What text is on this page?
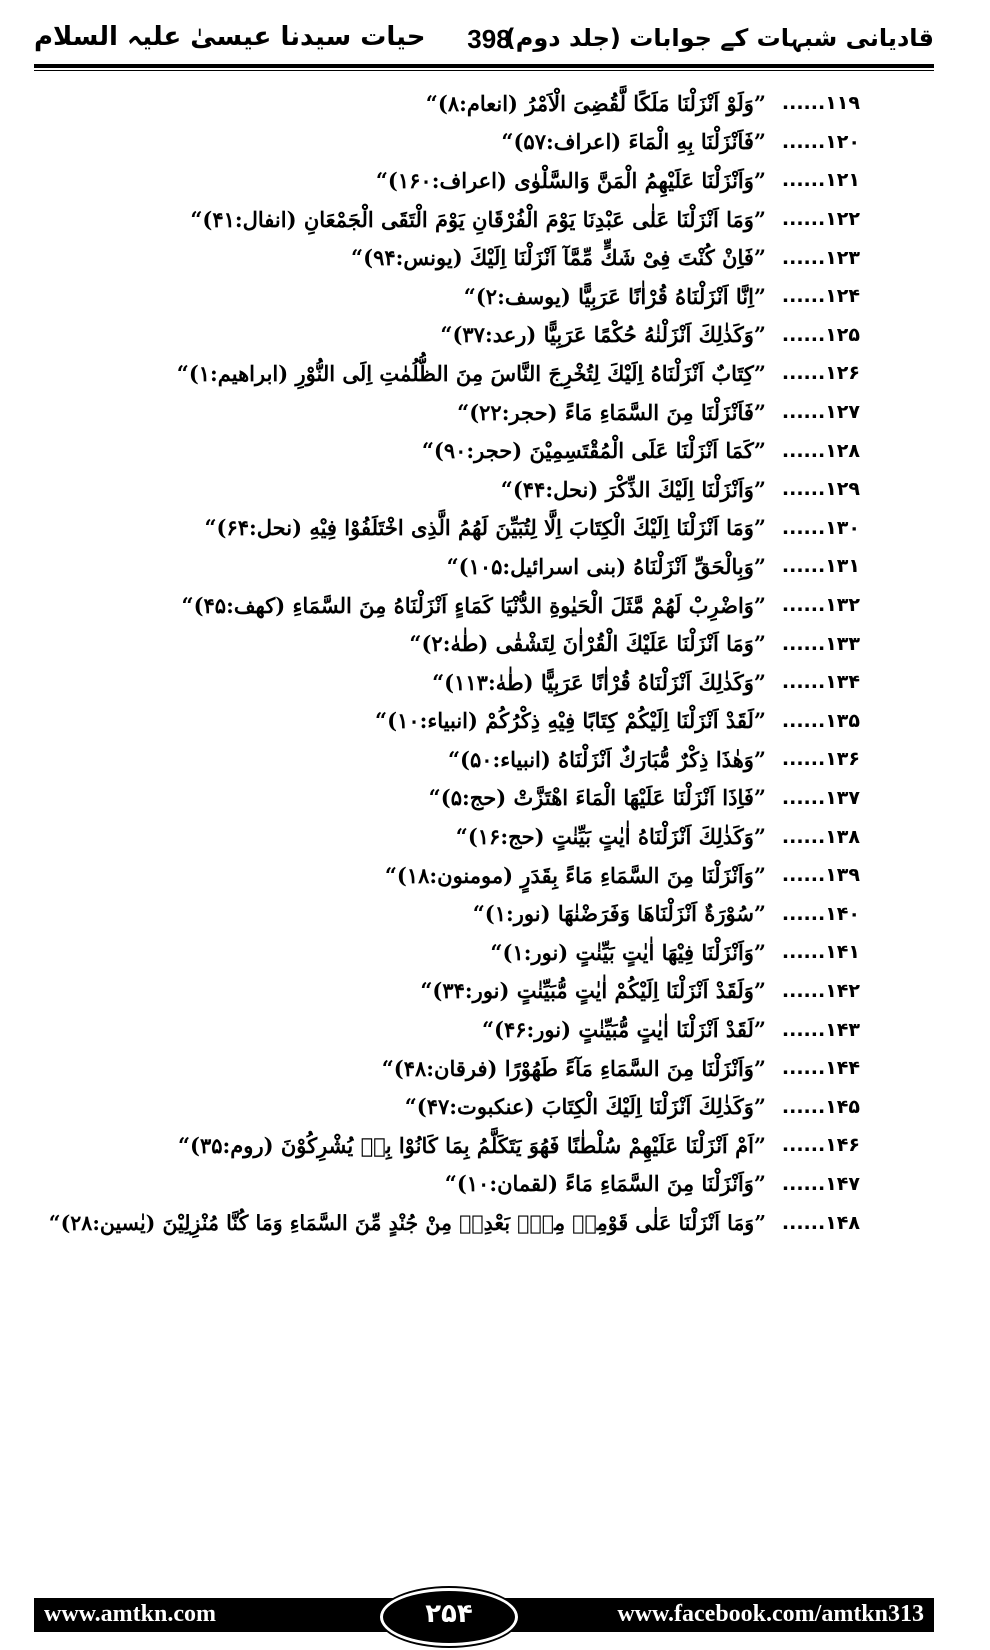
قادیانی شبہات کے جوابات (جلد دوم)
398
حیات سیدنا عیسیٰ علیہ السلام
۱۱۹......
”وَلَوْ اَنْزَلْنَا مَلَکًا لَّقُضِیَ الْاَمْرُ (انعام:۸)“
۱۲۰......
”فَاَنْزَلْنَا بِهِ الْمَاءَ (اعراف:۵۷)“
۱۲۱......
”وَاَنْزَلْنَا عَلَيْهِمُ الْمَنَّ وَالسَّلْوٰی (اعراف:۱۶۰)“
۱۲۲......
”وَمَا اَنْزَلْنَا عَلٰی عَبْدِنَا يَوْمَ الْفُرْقَانِ يَوْمَ الْتَقَی الْجَمْعَانِ (انفال:۴۱)“
۱۲۳......
”فَاِنْ كُنْتَ فِیْ شَكٍّ مِّمَّآ اَنْزَلْنَا اِلَيْكَ (یونس:۹۴)“
۱۲۴......
”اِنَّا اَنْزَلْنَاهُ قُرْاٰنًا عَرَبِیًّا (یوسف:۲)“
۱۲۵......
”وَكَذٰلِكَ اَنْزَلْنٰهُ حُكْمًا عَرَبِیًّا (رعد:۳۷)“
۱۲۶......
”كِتَابٌ اَنْزَلْنَاهُ اِلَيْكَ لِتُخْرِجَ النَّاسَ مِنَ الظُّلُمٰتِ اِلَی النُّوْرِ (ابراهیم:۱)“
۱۲۷......
”فَاَنْزَلْنَا مِنَ السَّمَاءِ مَاءً (حجر:۲۲)“
۱۲۸......
”كَمَا اَنْزَلْنَا عَلَی الْمُقْتَسِمِيْنَ (حجر:۹۰)“
۱۲۹......
”وَاَنْزَلْنَا اِلَيْكَ الذِّكْرَ (نحل:۴۴)“
۱۳۰......
”وَمَا اَنْزَلْنَا اِلَيْكَ الْكِتَابَ اِلَّا لِتُبَيِّنَ لَهُمُ الَّذِی اخْتَلَفُوْا فِيْهِ (نحل:۶۴)“
۱۳۱......
”وَبِالْحَقِّ اَنْزَلْنَاهُ (بنی اسرائیل:۱۰۵)“
۱۳۲......
”وَاضْرِبْ لَهُمْ مَّثَلَ الْحَيٰوةِ الدُّنْيَا كَمَاءٍ اَنْزَلْنَاهُ مِنَ السَّمَاءِ (كهف:۴۵)“
۱۳۳......
”وَمَا اَنْزَلْنَا عَلَيْكَ الْقُرْاٰنَ لِتَشْقٰی (طٰهٰ:۲)“
۱۳۴......
”وَكَذٰلِكَ اَنْزَلْنَاهُ قُرْاٰنًا عَرَبِيًّا (طٰهٰ:۱۱۳)“
۱۳۵......
”لَقَدْ اَنْزَلْنَا اِلَيْكُمْ كِتَابًا فِيْهِ ذِكْرُكُمْ (انبیاء:۱۰)“
۱۳۶......
”وَهٰذَا ذِكْرٌ مُّبَارَكٌ اَنْزَلْنَاهُ (انبیاء:۵۰)“
۱۳۷......
”فَاِذَا اَنْزَلْنَا عَلَيْهَا الْمَاءَ اهْتَزَّتْ (حج:۵)“
۱۳۸......
”وَكَذٰلِكَ اَنْزَلْنَاهُ اٰيٰتٍ بَيِّنٰتٍ (حج:۱۶)“
۱۳۹......
”وَاَنْزَلْنَا مِنَ السَّمَاءِ مَاءً بِقَدَرٍ (مومنون:۱۸)“
۱۴۰......
”سُوْرَةٌ اَنْزَلْنَاهَا وَفَرَضْنٰهَا (نور:۱)“
۱۴۱......
”وَاَنْزَلْنَا فِيْهَا اٰيٰتٍ بَيِّنٰتٍ (نور:۱)“
۱۴۲......
”وَلَقَدْ اَنْزَلْنَا اِلَيْكُمْ اٰيٰتٍ مُّبَيِّنٰتٍ (نور:۳۴)“
۱۴۳......
”لَقَدْ اَنْزَلْنَا اٰيٰتٍ مُّبَيِّنٰتٍ (نور:۴۶)“
۱۴۴......
”وَاَنْزَلْنَا مِنَ السَّمَاءِ مَآءً طَهُوْرًا (فرقان:۴۸)“
۱۴۵......
”وَكَذٰلِكَ اَنْزَلْنَا اِلَيْكَ الْكِتَابَ (عنكبوت:۴۷)“
۱۴۶......
”اَمْ اَنْزَلْنَا عَلَيْهِمْ سُلْطٰنًا فَهُوَ يَتَكَلَّمُ بِمَا كَانُوْا بِهٖ يُشْرِكُوْنَ (روم:۳۵)“
۱۴۷......
”وَاَنْزَلْنَا مِنَ السَّمَاءِ مَاءً (لقمان:۱۰)“
۱۴۸......
”وَمَا اَنْزَلْنَا عَلٰی قَوْمِهٖ مِنْۢ بَعْدِهٖ مِنْ جُنْدٍ مِّنَ السَّمَاءِ وَمَا كُنَّا مُنْزِلِيْنَ (یٰسین:۲۸)“
www.amtkn.com	www.facebook.com/amtkn313
۲۵۴
